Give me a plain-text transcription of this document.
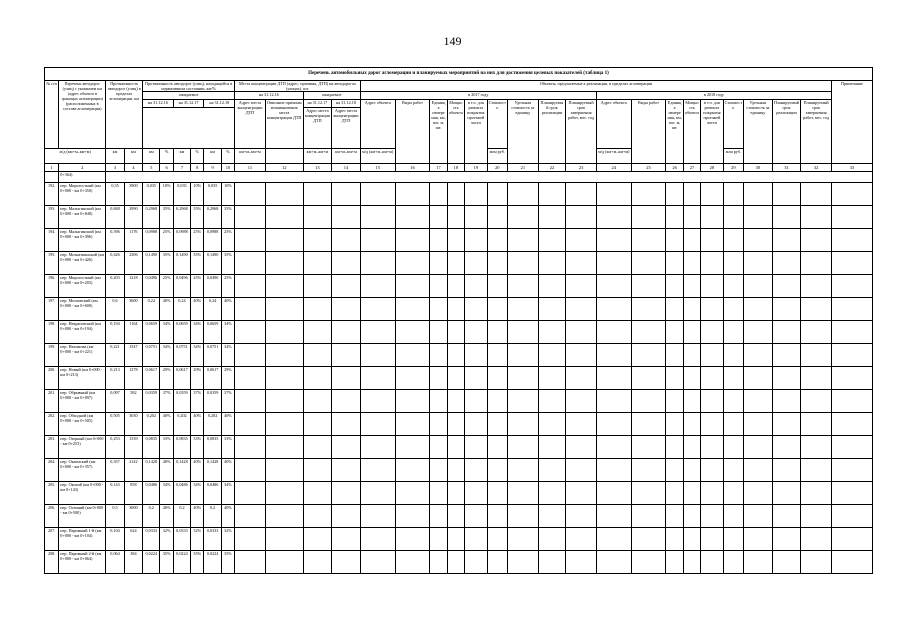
149
Перечень автомобильных дорог агломерации и планируемых мероприятий на них для достижения целевых показателей (таблица 1)
№ п/п	Перечень автодорог (улиц) с указанием км (адрес объекта в границах агломерации) (расположенных в составе агломерации)	Протяженность автодорог (улиц) в пределах агломерации, км		Протяженность автодорог (улиц), находящейся в нормативном состоянии, км/%						Места концентрации ДТП (адрес, причины, ДТП) на автодорогах (улицах), шт.				Объекты, предлагаемые к реализации, в пределах агломерации																		Примечание
				ожидаемое						на 31.12.16		ожидаемое		в 2017 году									в 2018 году									
				на 31.12.16		на 31.12.17		на 31.12.18		Адрес места концентрации ДТП	Описание причины возникновения места концентрации ДТП	на 31.12.17	на 31.12.18	Адрес объекта	Виды работ	Единица измерения, км, пог. м, шт.	Мощность объекта	в т.ч. для ремонта покрытия проезжей части	Стоимость	Удельная стоимость за единицу	Планируемый срок реализации	Планируемый срок завершения работ, мес. год	Адрес объекта	Виды работ	Единица измерения, км, пог. м, шт.	Мощность объекта	в т.ч. для ремонта покрытия проезжей части	Стоимость	Удельная стоимость за единицу	Планируемый срок реализации	Планируемый срок завершения работ, мес. год	
												Адрес места концентрации ДТП	Адрес места концентрации ДТП																			
м/д (км+м–км+м)		км	км	км	%	км	%	км	%	км+м–км+м		км+м–км+м	км+м–км+м	м/д (км+м–км+м)					млн руб.				м/д (км+м–км+м)					млн руб.				
1	2	3	4	5	6	7	8	9	10	11	12	13	14	15	16	17	18	19	20	21	22	23	24	25	26	27	28	29	30	31	32	33
	0+364)																															
192.	пер. Мирогостный (км 0+000 - км 0+350)	0,35	3900	0,035	10%	0,035	10%	0,035	10%																							
193.	пер. Малыгинский (км 0+000 - км 0+848)	0,848	2990	0,2968	35%	0,2968	35%	0,2968	35%																							
194.	пер. Малыгинский (км 0+000 - км 0+396)	0,396	1176	0,0988	25%	0,0988	25%	0,0988	25%																							
195.	пер. Мохнаткинский (км 0+000 - км 0+426)	0,426	2306	0,1490	35%	0,1490	35%	0,1490	35%																							
196.	пер. Мирогостный (км 0+000 - км 0+203)	0,203	1218	0,0496	25%	0,0496	25%	0,0496	25%																							
197.	пер. Московский (км 0+000 - км 0+600)	0,6	3600	0,24	40%	0,24	40%	0,24	40%																							
198.	пер. Некрасовский (км 0+000 - км 0+194)	0,194	1164	0,0659	34%	0,0659	34%	0,0659	34%																							
199.	пер. Нахимова (км 0+000 - км 0+221)	0,221	1547	0,0751	34%	0,0751	34%	0,0751	34%																							
200.	пер. Новый (км 0+000 - км 0+213)	0,213	1278	0,0617	29%	0,0617	29%	0,0617	29%																							
201.	пер. Обрывный (км 0+000 - км 0+097)	0,097	582	0,0359	37%	0,0359	37%	0,0359	37%																							
202.	пер. Обходной (км 0+000 - км 0+505)	0,505	3030	0,202	40%	0,202	40%	0,202	40%																							
203.	пер. Озерный (км 0+000 - км 0+253)	0,253	1539	0,0835	33%	0,0835	33%	0,0835	33%																							
204.	пер. Окаемский (км 0+000 - км 0+357)	0,357	2142	0,1428	40%	0,1428	40%	0,1428	40%																							
205.	пер. Окский (км 0+000 - км 0+143)	0,143	858	0,0486	34%	0,0486	34%	0,0486	34%																							
206.	пер. Осенний (км 0+000 - км 0+500)	0,5	3000	0,2	40%	0,2	40%	0,2	40%																							
207.	пер. Паромный 1-й (км 0+000 - км 0+104)	0,104	624	0,0333	32%	0,0333	32%	0,0333	32%																							
208.	пер. Паромный 2-й (км 0+000 - км 0+064)	0,064	384	0,0224	35%	0,0224	35%	0,0224	35%																							
